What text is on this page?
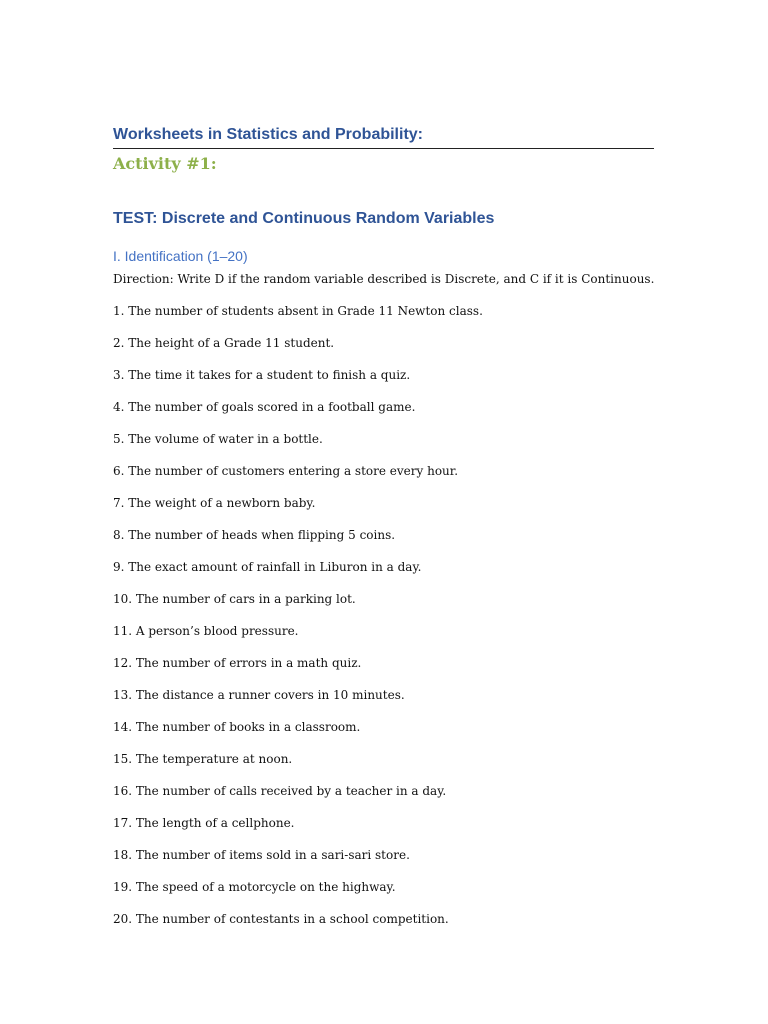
Worksheets in Statistics and Probability:
Activity #1:
TEST: Discrete and Continuous Random Variables
I. Identification (1–20)

Direction: Write D if the random variable described is Discrete, and C if it is Continuous.

1. The number of students absent in Grade 11 Newton class.
2. The height of a Grade 11 student.
3. The time it takes for a student to finish a quiz.
4. The number of goals scored in a football game.
5. The volume of water in a bottle.
6. The number of customers entering a store every hour.
7. The weight of a newborn baby.
8. The number of heads when flipping 5 coins.
9. The exact amount of rainfall in Liburon in a day.
10. The number of cars in a parking lot.
11. A person’s blood pressure.
12. The number of errors in a math quiz.
13. The distance a runner covers in 10 minutes.
14. The number of books in a classroom.
15. The temperature at noon.
16. The number of calls received by a teacher in a day.
17. The length of a cellphone.
18. The number of items sold in a sari-sari store.
19. The speed of a motorcycle on the highway.
20. The number of contestants in a school competition.
